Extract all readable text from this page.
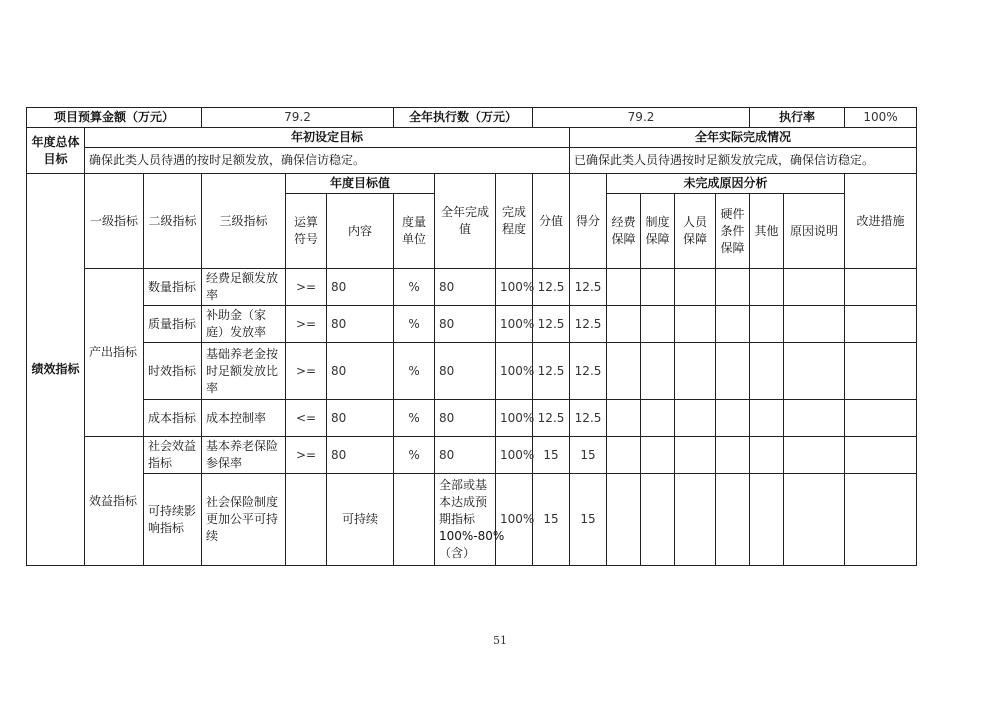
项目预算金额（万元）			79.2			全年执行数（万元）			79.2						执行率		100%
年度总体目标	年初设定目标									全年实际完成情况							
	确保此类人员待遇的按时足额发放，确保信访稳定。									已确保此类人员待遇按时足额发放完成，确保信访稳定。							
绩效指标	一级指标	二级指标	三级指标	年度目标值			全年完成值	完成程度	分值	得分	未完成原因分析						改进措施
				运算符号	内容	度量单位					经费保障	制度保障	人员保障	硬件条件保障	其他	原因说明	
	产出指标	数量指标	经费足额发放率	>=	80	%	80	100%	12.5	12.5							
		质量指标	补助金（家庭）发放率	>=	80	%	80	100%	12.5	12.5							
		时效指标	基础养老金按时足额发放比率	>=	80	%	80	100%	12.5	12.5							
		成本指标	成本控制率	<=	80	%	80	100%	12.5	12.5							
	效益指标	社会效益指标	基本养老保险参保率	>=	80	%	80	100%	15	15							
		可持续影响指标	社会保险制度更加公平可持续		可持续		全部或基本达成预期指标100%-80%（含）	100%	15	15							
51
